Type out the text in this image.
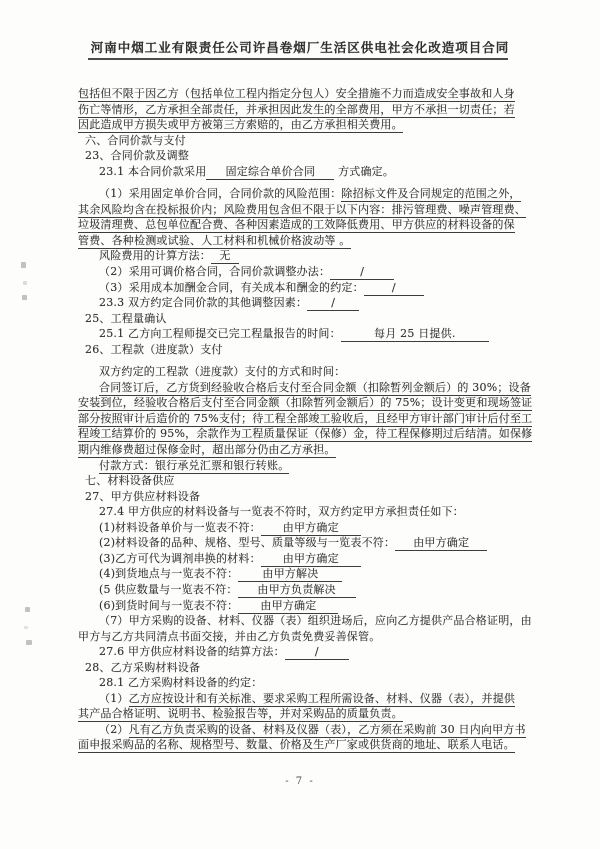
河南中烟工业有限责任公司许昌卷烟厂生活区供电社会化改造项目合同
包括但不限于因乙方（包括单位工程内指定分包人）安全措施不力而造成安全事故和人身
伤亡等情形，乙方承担全部责任，并承担因此发生的全部费用，甲方不承担一切责任；若
因此造成甲方损失或甲方被第三方索赔的，由乙方承担相关费用。
六、合同价款与支付
23、合同价款及调整
23.1 本合同价款采用 固定综合单价合同 方式确定。
（1）采用固定单价合同，合同价款的风险范围：除招标文件及合同规定的范围之外，
其余风险均含在投标报价内；风险费用包含但不限于以下内容：排污管理费、噪声管理费、
垃圾清理费、总包单位配合费、各种因素造成的工效降低费用、甲方供应的材料设备的保
管费、各种检测或试验、人工材料和机械价格波动等 。
风险费用的计算方法： 无
（2）采用可调价格合同，合同价款调整办法：	/
（3）采用成本加酬金合同，有关成本和酬金的约定：	/
23.3 双方约定合同价款的其他调整因素： /
25、工程量确认
25.1 乙方向工程师提交已完工程量报告的时间：	每月 25 日提供.
26、工程款（进度款）支付
双方约定的工程款（进度款）支付的方式和时间：
合同签订后，乙方货到经验收合格后支付至合同金额（扣除暂列金额后）的 30%；设备
安装到位，经验收合格后支付至合同金额（扣除暂列金额后）的 75%；设计变更和现场签证
部分按照审计后造价的 75%支付；待工程全部竣工验收后，且经甲方审计部门审计后付至工
程竣工结算价的 95%，余款作为工程质量保证（保修）金，待工程保修期过后结清。如保修
期内维修费超过保修金时，超出部分仍由乙方承担。
付款方式：银行承兑汇票和银行转账。
七、材料设备供应
27、甲方供应材料设备
27.4 甲方供应的材料设备与一览表不符时，双方约定甲方承担责任如下：
(1)材料设备单价与一览表不符： 由甲方确定
(2)材料设备的品种、规格、型号、质量等级与一览表不符： 由甲方确定
(3)乙方可代为调剂串换的材料： 由甲方确定
(4)到货地点与一览表不符： 由甲方解决
(5 供应数量与一览表不符： 由甲方负责解决
(6)到货时间与一览表不符： 由甲方确定
（7）甲方采购的设备、材料、仪器（表）组织进场后，应向乙方提供产品合格证明，由
甲方与乙方共同清点书面交接，并由乙方负责免费妥善保管。
27.6 甲方供应材料设备的结算方法：	/
28、乙方采购材料设备
28.1 乙方采购材料设备的约定：
（1）乙方应按设计和有关标准、要求采购工程所需设备、材料、仪器（表），并提供
其产品合格证明、说明书、检验报告等，并对采购品的质量负责。
（2）凡有乙方负责采购的设备、材料及仪器（表），乙方须在采购前 30 日内向甲方书
面申报采购品的名称、规格型号、数量、价格及生产厂家或供货商的地址、联系人电话。
- 7 -
